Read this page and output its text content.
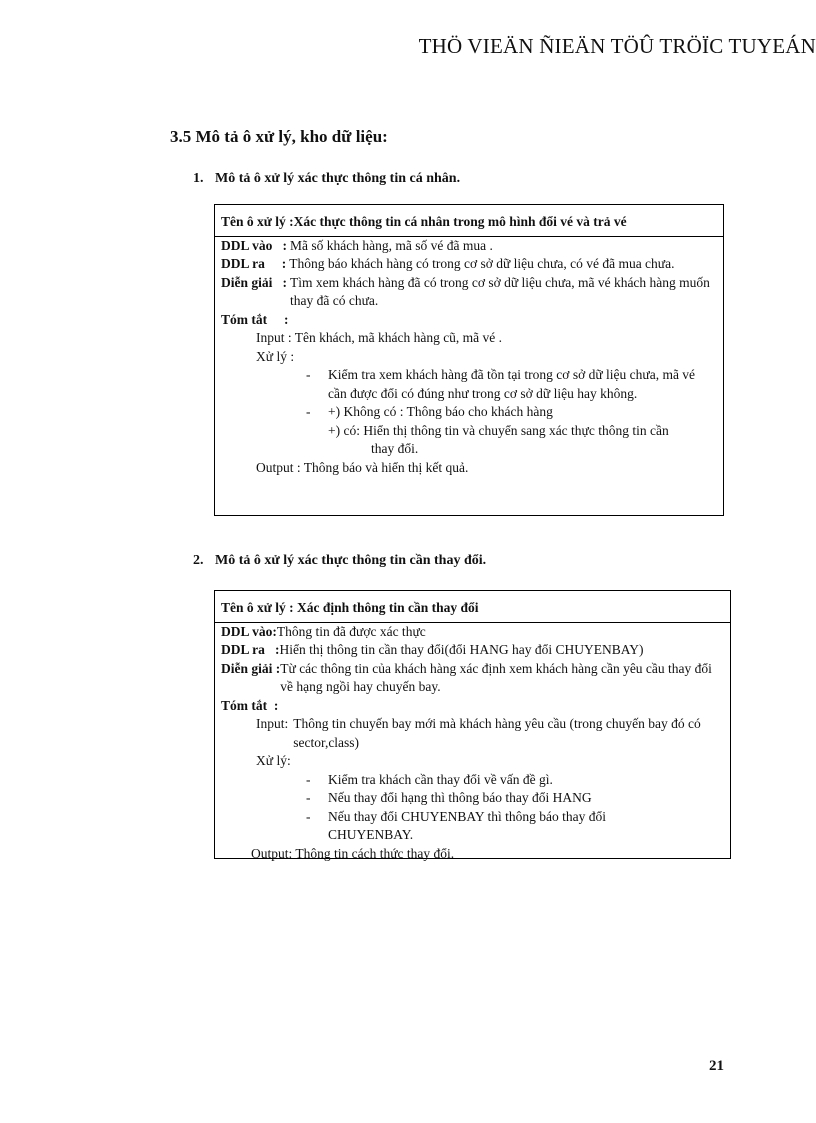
THÖ VIEÄN ÑIEÄN TÖÛ TRÖÏC TUYEÁN
3.5 Mô tả ô xử lý, kho dữ liệu:
1. Mô tả ô xử lý xác thực thông tin cá nhân.
Tên ô xử lý :Xác thực thông tin cá nhân trong mô hình đổi vé và trả vé
DDL vào   : Mã số khách hàng, mã số vé đã mua .
DDL ra     : Thông báo khách hàng có trong cơ sở dữ liệu chưa, có vé đã mua chưa.
Diễn giải   : Tìm xem khách hàng đã có trong cơ sở dữ liệu chưa, mã vé khách hàng muốn thay đã có chưa.
Tóm tắt     :
Input : Tên khách, mã khách hàng cũ, mã vé .
Xử lý :
-	Kiểm tra xem khách hàng đã tồn tại trong cơ sở dữ liệu chưa, mã vé cần được đổi có đúng như trong cơ sở dữ liệu hay không.
-	+) Không có : Thông báo cho khách hàng
+) có: Hiển thị thông tin và chuyển sang xác thực thông tin cần
thay đổi.
Output : Thông báo và hiển thị kết quả.
2. Mô tả ô xử lý xác thực thông tin cần thay đổi.
Tên ô xử lý : Xác định thông tin cần thay đổi
DDL vào: Thông tin đã được xác thực
DDL ra   : Hiển thị thông tin cần thay đổi(đổi HANG hay đổi CHUYENBAY)
Diễn giải : Từ các thông tin của khách hàng xác định xem khách hàng cần yêu cầu thay đổi về hạng ngồi hay chuyến bay.
Tóm tắt  :
Input: Thông tin chuyến bay mới mà khách hàng yêu cầu (trong chuyến bay đó có sector,class)
Xử lý:
-	Kiểm tra khách cần thay đổi về vấn đề gì.
-	Nếu thay đổi hạng thì thông báo thay đổi HANG
-	Nếu thay đổi CHUYENBAY thì thông báo thay đổi CHUYENBAY.
Output: Thông tin cách thức thay đổi.
21
